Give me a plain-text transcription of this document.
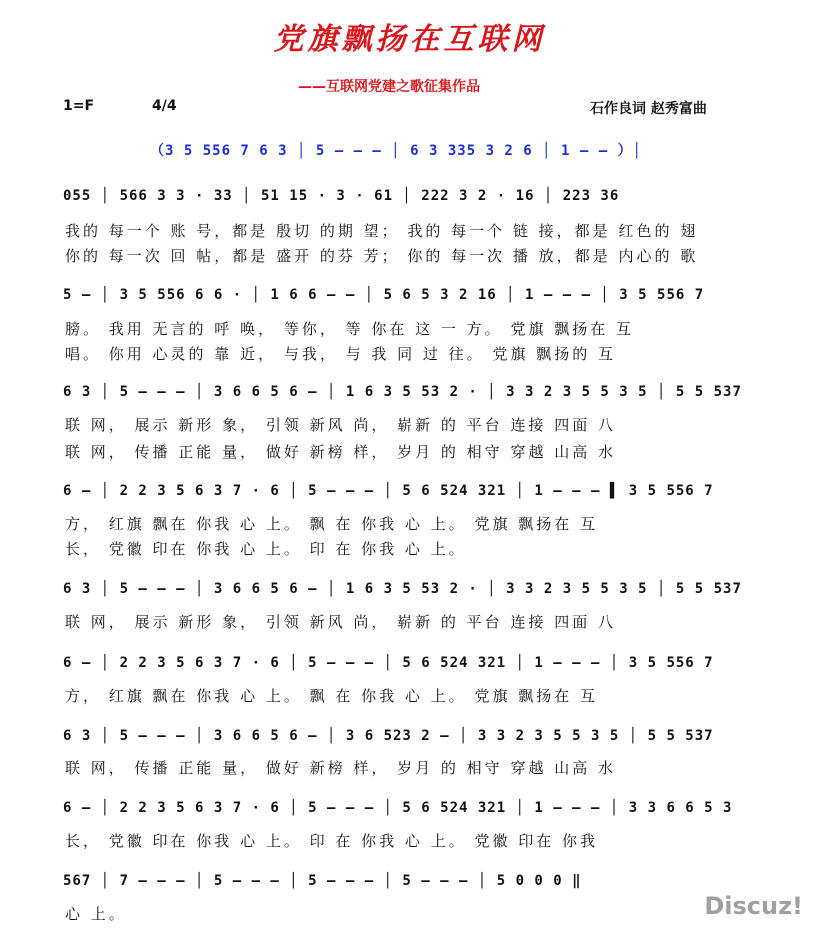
党旗飘扬在互联网
——互联网党建之歌征集作品
1=F	4/4	石作良词 赵秀富曲
（3 5 556 7 6 3 │ 5 — — — │ 6 3 335 3 2 6 │ 1 — — ）│
055 │ 566 3 3 · 33 │ 51 15 · 3 · 61 │ 222 3 2 · 16 │ 223 36
我的 每一个 账 号，都是 殷切 的期 望； 我的 每一个 链 接，都是 红色的 翅
你的 每一次 回 帖，都是 盛开 的芬 芳； 你的 每一次 播 放，都是 内心的 歌
5 — │ 3 5 556 6 6 · │ 1 6 6 — — │ 5 6 5 3 2 16 │ 1 — — — │ 3 5 556 7
膀。 我用 无言的 呼 唤， 等你， 等 你在 这 一 方。 党旗 飘扬在 互
唱。 你用 心灵的 靠 近， 与我， 与 我 同 过 往。 党旗 飘扬的 互
6 3 │ 5 — — — │ 3 6 6 5 6 — │ 1 6 3 5 53 2 · │ 3 3 2 3 5 5 3 5 │ 5 5 537
联 网， 展示 新形 象， 引领 新风 尚， 崭新 的 平台 连接 四面 八
联 网， 传播 正能 量， 做好 新榜 样， 岁月 的 相守 穿越 山高 水
6 — │ 2 2 3 5 6 3 7 · 6 │ 5 — — — │ 5 6 524 321 │ 1 — — — ▌ 3 5 556 7
方， 红旗 飘在 你我 心 上。 飘 在 你我 心 上。 党旗 飘扬在 互
长， 党徽 印在 你我 心 上。 印 在 你我 心 上。
6 3 │ 5 — — — │ 3 6 6 5 6 — │ 1 6 3 5 53 2 · │ 3 3 2 3 5 5 3 5 │ 5 5 537
联 网， 展示 新形 象， 引领 新风 尚， 崭新 的 平台 连接 四面 八
6 — │ 2 2 3 5 6 3 7 · 6 │ 5 — — — │ 5 6 524 321 │ 1 — — — │ 3 5 556 7
方， 红旗 飘在 你我 心 上。 飘 在 你我 心 上。 党旗 飘扬在 互
6 3 │ 5 — — — │ 3 6 6 5 6 — │ 3 6 523 2 — │ 3 3 2 3 5 5 3 5 │ 5 5 537
联 网， 传播 正能 量， 做好 新榜 样， 岁月 的 相守 穿越 山高 水
6 — │ 2 2 3 5 6 3 7 · 6 │ 5 — — — │ 5 6 524 321 │ 1 — — — │ 3 3 6 6 5 3
长， 党徽 印在 你我 心 上。 印 在 你我 心 上。 党徽 印在 你我
567 │ 7 — — — │ 5 — — — │ 5 — — — │ 5 — — — │ 5 0 0 0 ‖
心 上。	Discuz!
